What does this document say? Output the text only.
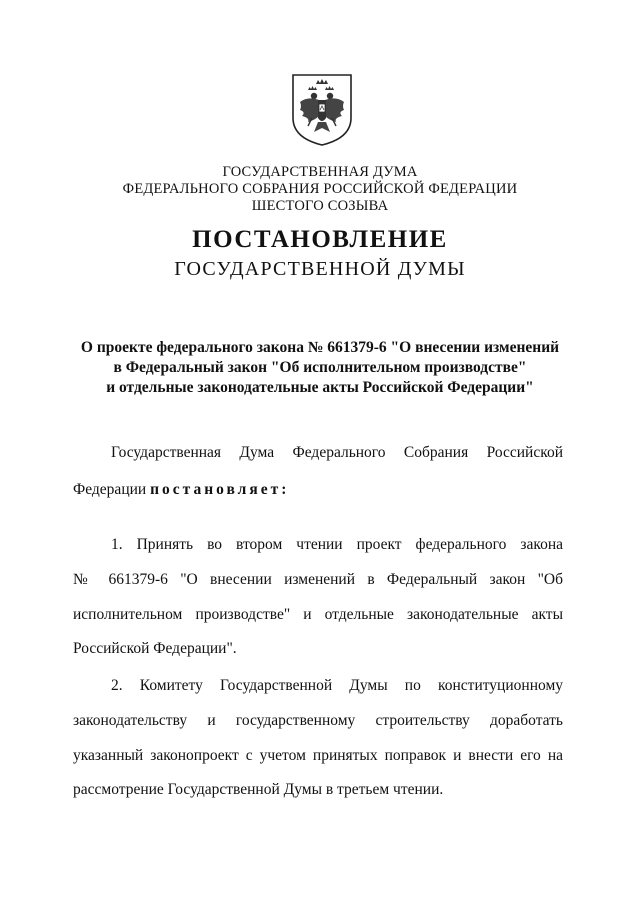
ГОСУДАРСТВЕННАЯ ДУМА
ФЕДЕРАЛЬНОГО СОБРАНИЯ РОССИЙСКОЙ ФЕДЕРАЦИИ
ШЕСТОГО СОЗЫВА
ПОСТАНОВЛЕНИЕ
ГОСУДАРСТВЕННОЙ ДУМЫ
О проекте федерального закона № 661379-6 "О внесении изменений
в Федеральный закон "Об исполнительном производстве"
и отдельные законодательные акты Российской Федерации"
Государственная Дума Федерального Собрания Российской
Федерации постановляет:
1. Принять во втором чтении проект федерального закона
№ 661379-6 "О внесении изменений в Федеральный закон "Об
исполнительном производстве" и отдельные законодательные акты
Российской Федерации".
2. Комитету Государственной Думы по конституционному
законодательству и государственному строительству доработать
указанный законопроект с учетом принятых поправок и внести его на
рассмотрение Государственной Думы в третьем чтении.
